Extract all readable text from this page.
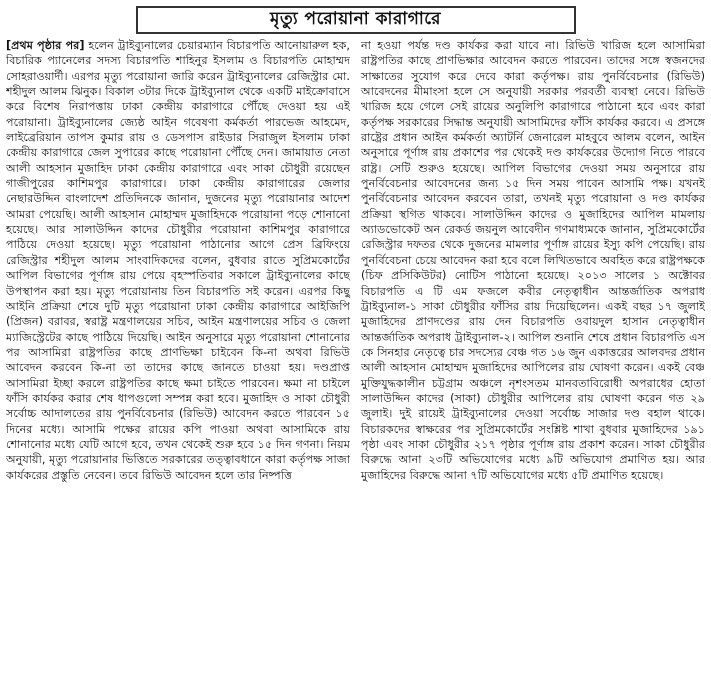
মৃত্যু পরোয়ানা কারাগারে

[প্রথম পৃষ্ঠার পর] হলেন ট্রাইব্যুনালের চেয়ারম্যান বিচারপতি আনোয়ারুল হক, বিচারিক প্যানেলের সদস্য বিচারপতি শাহিনুর ইসলাম ও বিচারপতি মোহাম্মদ সোহরাওয়ার্দী। এরপর মৃত্যু পরোয়ানা জারি করেন ট্রাইব্যুনালের রেজিস্ট্রার মো. শহীদুল আলম ঝিনুক। বিকাল ৩টার দিকে ট্রাইব্যুনাল থেকে একটি মাইক্রোবাসে করে বিশেষ নিরাপত্তায় ঢাকা কেন্দ্রীয় কারাগারে পৌঁছে দেওয়া হয় এই পরোয়ানা। ট্রাইব্যুনালের জ্যেষ্ঠ আইন গবেষণা কর্মকর্তা পারভেজ আহমেদ, লাইব্রেরিয়ান তাপস কুমার রায় ও ডেসপাস রাইডার সিরাজুল ইসলাম ঢাকা কেন্দ্রীয় কারাগারে জেল সুপারের কাছে পরোয়ানা পৌঁছে দেন। জামায়াত নেতা আলী আহসান মুজাহিদ ঢাকা কেন্দ্রীয় কারাগারে এবং সাকা চৌধুরী রয়েছেন গাজীপুরের কাশিমপুর কারাগারে। ঢাকা কেন্দ্রীয় কারাগারের জেলার নেছারউদ্দিন বাংলাদেশ প্রতিদিনকে জানান, দুজনের মৃত্যু পরোয়ানার আদেশ আমরা পেয়েছি। আলী আহসান মোহাম্মদ মুজাহিদকে পরোয়ানা পড়ে শোনানো হয়েছে। আর সালাউদ্দিন কাদের চৌধুরীর পরোয়ানা কাশিমপুর কারাগারে পাঠিয়ে দেওয়া হয়েছে। মৃত্যু পরোয়ানা পাঠানোর আগে প্রেস ব্রিফিংয়ে রেজিস্ট্রার শহীদুল আলম সাংবাদিকদের বলেন, বুধবার রাতে সুপ্রিমকোর্টের আপিল বিভাগের পূর্ণাঙ্গ রায় পেয়ে বৃহস্পতিবার সকালে ট্রাইব্যুনালের কাছে উপস্থাপন করা হয়। মৃত্যু পরোয়ানায় তিন বিচারপতি সই করেন। এরপর কিছু আইনি প্রক্রিয়া শেষে দুটি মৃত্যু পরোয়ানা ঢাকা কেন্দ্রীয় কারাগারে আইজিপি (প্রিজন) বরাবর, স্বরাষ্ট্র মন্ত্রণালয়ের সচিব, আইন মন্ত্রণালয়ের সচিব ও জেলা ম্যাজিস্ট্রেটের কাছে পাঠিয়ে দিয়েছি। আইন অনুসারে মৃত্যু পরোয়ানা শোনানোর পর আসামিরা রাষ্ট্রপতির কাছে প্রাণভিক্ষা চাইবেন কি-না অথবা রিভিউ আবেদন করবেন কি-না তা তাদের কাছে জানতে চাওয়া হয়। দণ্ডপ্রাপ্ত আসামিরা ইচ্ছা করলে রাষ্ট্রপতির কাছে ক্ষমা চাইতে পারবেন। ক্ষমা না চাইলে ফাঁসি কার্যকর করার শেষ ধাপগুলো সম্পন্ন করা হবে। মুজাহিদ ও সাকা চৌধুরী সর্বোচ্চ আদালতের রায় পুনর্বিবেচনার (রিভিউ) আবেদন করতে পারবেন ১৫ দিনের মধ্যে। আসামি পক্ষের রায়ের কপি পাওয়া অথবা আসামিকে রায় শোনানোর মধ্যে যেটি আগে হবে, তখন থেকেই শুরু হবে ১৫ দিন গণনা। নিয়ম অনুযায়ী, মৃত্যু পরোয়ানার ভিত্তিতে সরকারের তত্ত্বাবধানে কারা কর্তৃপক্ষ সাজা কার্যকরের প্রস্তুতি নেবেন। তবে রিভিউ আবেদন হলে তার নিষ্পত্তি

না হওয়া পর্যন্ত দণ্ড কার্যকর করা যাবে না। রিভিউ খারিজ হলে আসামিরা রাষ্ট্রপতির কাছে প্রাণভিক্ষার আবেদন করতে পারবেন। তাদের সঙ্গে স্বজনদের সাক্ষাতের সুযোগ করে দেবে কারা কর্তৃপক্ষ। রায় পুনর্বিবেচনার (রিভিউ) আবেদনের মীমাংসা হলে সে অনুযায়ী সরকার পরবর্তী ব্যবস্থা নেবে। রিভিউ খারিজ হয়ে গেলে সেই রায়ের অনুলিপি কারাগারে পাঠানো হবে এবং কারা কর্তৃপক্ষ সরকারের সিদ্ধান্ত অনুযায়ী আসামিদের ফাঁসি কার্যকর করবে। এ প্রসঙ্গে রাষ্ট্রের প্রধান আইন কর্মকর্তা অ্যাটর্নি জেনারেল মাহবুবে আলম বলেন, আইন অনুসারে পূর্ণাঙ্গ রায় প্রকাশের পর থেকেই দণ্ড কার্যকরের উদ্যোগ নিতে পারবে রাষ্ট্র। সেটি শুরুও হয়েছে। আপিল বিভাগের দেওয়া সময় অনুসারে রায় পুনর্বিবেচনার আবেদনের জন্য ১৫ দিন সময় পাবেন আসামি পক্ষ। যখনই পুনর্বিবেচনার আবেদন করবেন তারা, তখনই মৃত্যু পরোয়ানা ও দণ্ড কার্যকর প্রক্রিয়া স্থগিত থাকবে। সালাউদ্দিন কাদের ও মুজাহিদের আপিল মামলায় অ্যাডভোকেট অন রেকর্ড জয়নুল আবেদীন গণমাধ্যমকে জানান, সুপ্রিমকোর্টের রেজিস্ট্রার দফতর থেকে দুজনের মামলার পূর্ণাঙ্গ রায়ের ইস্যু কপি পেয়েছি। রায় পুনর্বিবেচনা চেয়ে আবেদন করা হবে বলে লিখিতভাবে অবহিত করে রাষ্ট্রপক্ষকে (চিফ প্রসিকিউটর) নোটিস পাঠানো হয়েছে। ২০১৩ সালের ১ অক্টোবর বিচারপতি এ টি এম ফজলে কবীর নেতৃত্বাধীন আন্তর্জাতিক অপরাধ ট্রাইব্যুনাল-১ সাকা চৌধুরীর ফাঁসির রায় দিয়েছিলেন। একই বছর ১৭ জুলাই মুজাহিদের প্রাণদণ্ডের রায় দেন বিচারপতি ওবায়দুল হাসান নেতৃত্বাধীন আন্তর্জাতিক অপরাধ ট্রাইব্যুনাল-২। আপিল শুনানি শেষে প্রধান বিচারপতি এস কে সিনহার নেতৃত্বে চার সদস্যের বেঞ্চ গত ১৬ জুন একাত্তরের আলবদর প্রধান আলী আহসান মোহাম্মদ মুজাহিদের আপিলের রায় ঘোষণা করেন। একই বেঞ্চ মুক্তিযুদ্ধকালীন চট্টগ্রাম অঞ্চলে নৃশংসতম মানবতাবিরোধী অপরাধের হোতা সালাউদ্দিন কাদের (সাকা) চৌধুরীর আপিলের রায় ঘোষণা করেন গত ২৯ জুলাই। দুই রায়েই ট্রাইব্যুনালের দেওয়া সর্বোচ্চ সাজার দণ্ড বহাল থাকে। বিচারকদের স্বাক্ষরের পর সুপ্রিমকোর্টের সংশ্লিষ্ট শাখা বুধবার মুজাহিদের ১৯১ পৃষ্ঠা এবং সাকা চৌধুরীর ২১৭ পৃষ্ঠার পূর্ণাঙ্গ রায় প্রকাশ করেন। সাকা চৌধুরীর বিরুদ্ধে আনা ২৩টি অভিযোগের মধ্যে ৯টি অভিযোগ প্রমাণিত হয়। আর মুজাহিদের বিরুদ্ধে আনা ৭টি অভিযোগের মধ্যে ৫টি প্রমাণিত হয়েছে।
